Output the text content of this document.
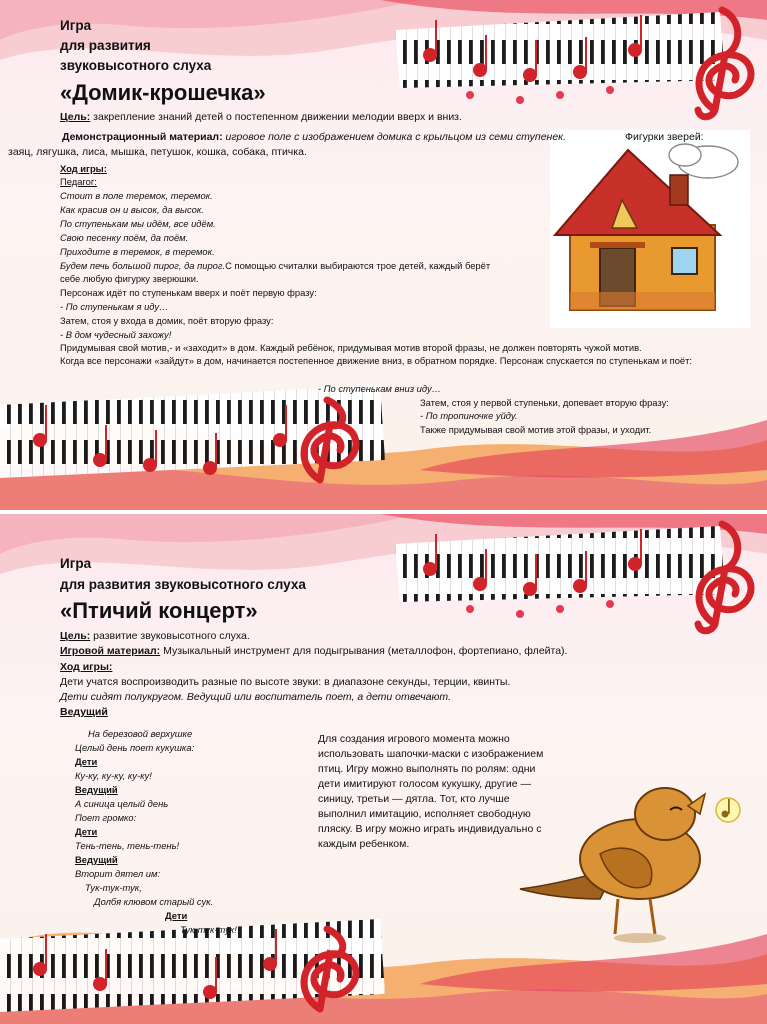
Игра

для развития

звуковысотного слуха

«Домик-крошечка»

Цель: закрепление знаний детей о постепенном движении мелодии вверх и вниз.

Демонстрационный материал: игровое поле с изображением домика с крыльцом из семи ступенек.	Фигурки зверей:

заяц, лягушка, лиса, мышка, петушок, кошка, собака, птичка.

Ход игры:

Педагог:

Стоит в поле теремок, теремок.

Как красив он и высок, да высок.

По ступенькам мы идём, все идём.

Свою песенку поём, да поём.

Приходите в теремок, в теремок.

Будем печь большой пирог, да пирог.С помощью считалки выбираются трое детей, каждый берёт

себе любую фигурку зверюшки.

Персонаж идёт по ступенькам вверх и поёт первую фразу:

- По ступенькам я иду…

Затем, стоя у входа в домик, поёт вторую фразу:

- В дом чудесный захожу!

Придумывая свой мотив,- и «заходит» в дом. Каждый ребёнок, придумывая мотив второй фразы, не должен повторять чужой мотив.

Когда все персонажи «зайдут» в дом, начинается постепенное движение вниз, в обратном порядке. Персонаж спускается по ступенькам и поёт:

- По ступенькам вниз иду…

Затем, стоя у первой ступеньки, допевает вторую фразу:

- По тропиночке уйду.

Также придумывая свой мотив этой фразы, и уходит.

Игра

для развития звуковысотного слуха

«Птичий концерт»

Цель: развитие звуковысотного слуха.

Игровой материал: Музыкальный инструмент для подыгрывания (металлофон, фортепиано, флейта).

Ход игры:

Дети учатся воспроизводить разные по высоте звуки: в диапазоне секунды, терции, квинты.

Дети сидят полукругом. Ведущий или воспитатель поет, а дети отвечают.

Ведущий

На березовой верхушке

Целый день поет кукушка:

Дети

Ку-ку, ку-ку, ку-ку!

Ведущий

А синица целый день

Поет громко:

Дети

Тень-тень, тень-тень!

Ведущий

Вторит дятел им:

Тук-тук-тук,

Долбя клювом старый сук.

Дети

Тук-тук-тук!

Для создания игрового момента можно

использовать шапочки-маски с изображением

птиц. Игру можно выполнять по ролям: одни

дети имитируют голосом кукушку, другие —

синицу, третьи — дятла. Тот, кто лучше

выполнил имитацию, исполняет свободную

пляску. В игру можно играть индивидуально с

каждым ребенком.
